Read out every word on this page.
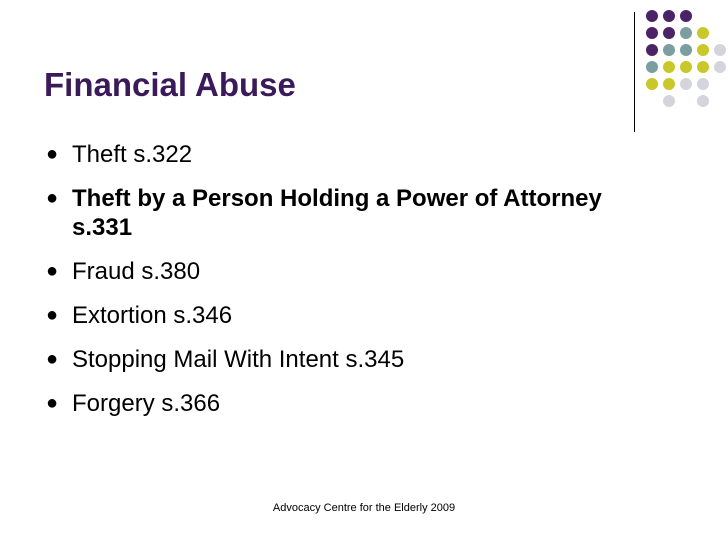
Financial Abuse
● Theft s.322
● Theft by a Person Holding a Power of Attorney s.331
● Fraud s.380
● Extortion s.346
● Stopping Mail With Intent s.345
● Forgery s.366
Advocacy Centre for the Elderly 2009
